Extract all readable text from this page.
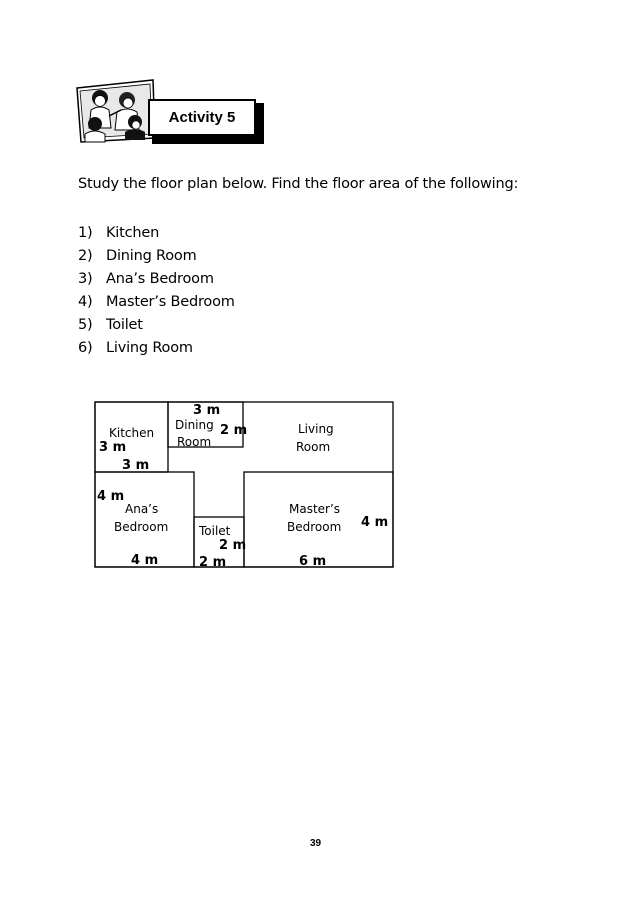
Activity 5
Study the floor plan below. Find the floor area of the following:
1) Kitchen
2) Dining Room
3) Ana’s Bedroom
4) Master’s Bedroom
5) Toilet
6) Living Room
Kitchen
3 m
3 m
3 m
Dining
Room
2 m	Living
Room
4 m
Ana’s
Bedroom
4 m
Toilet
2 m
2 m
Master’s
Bedroom 4 m
6 m
39
